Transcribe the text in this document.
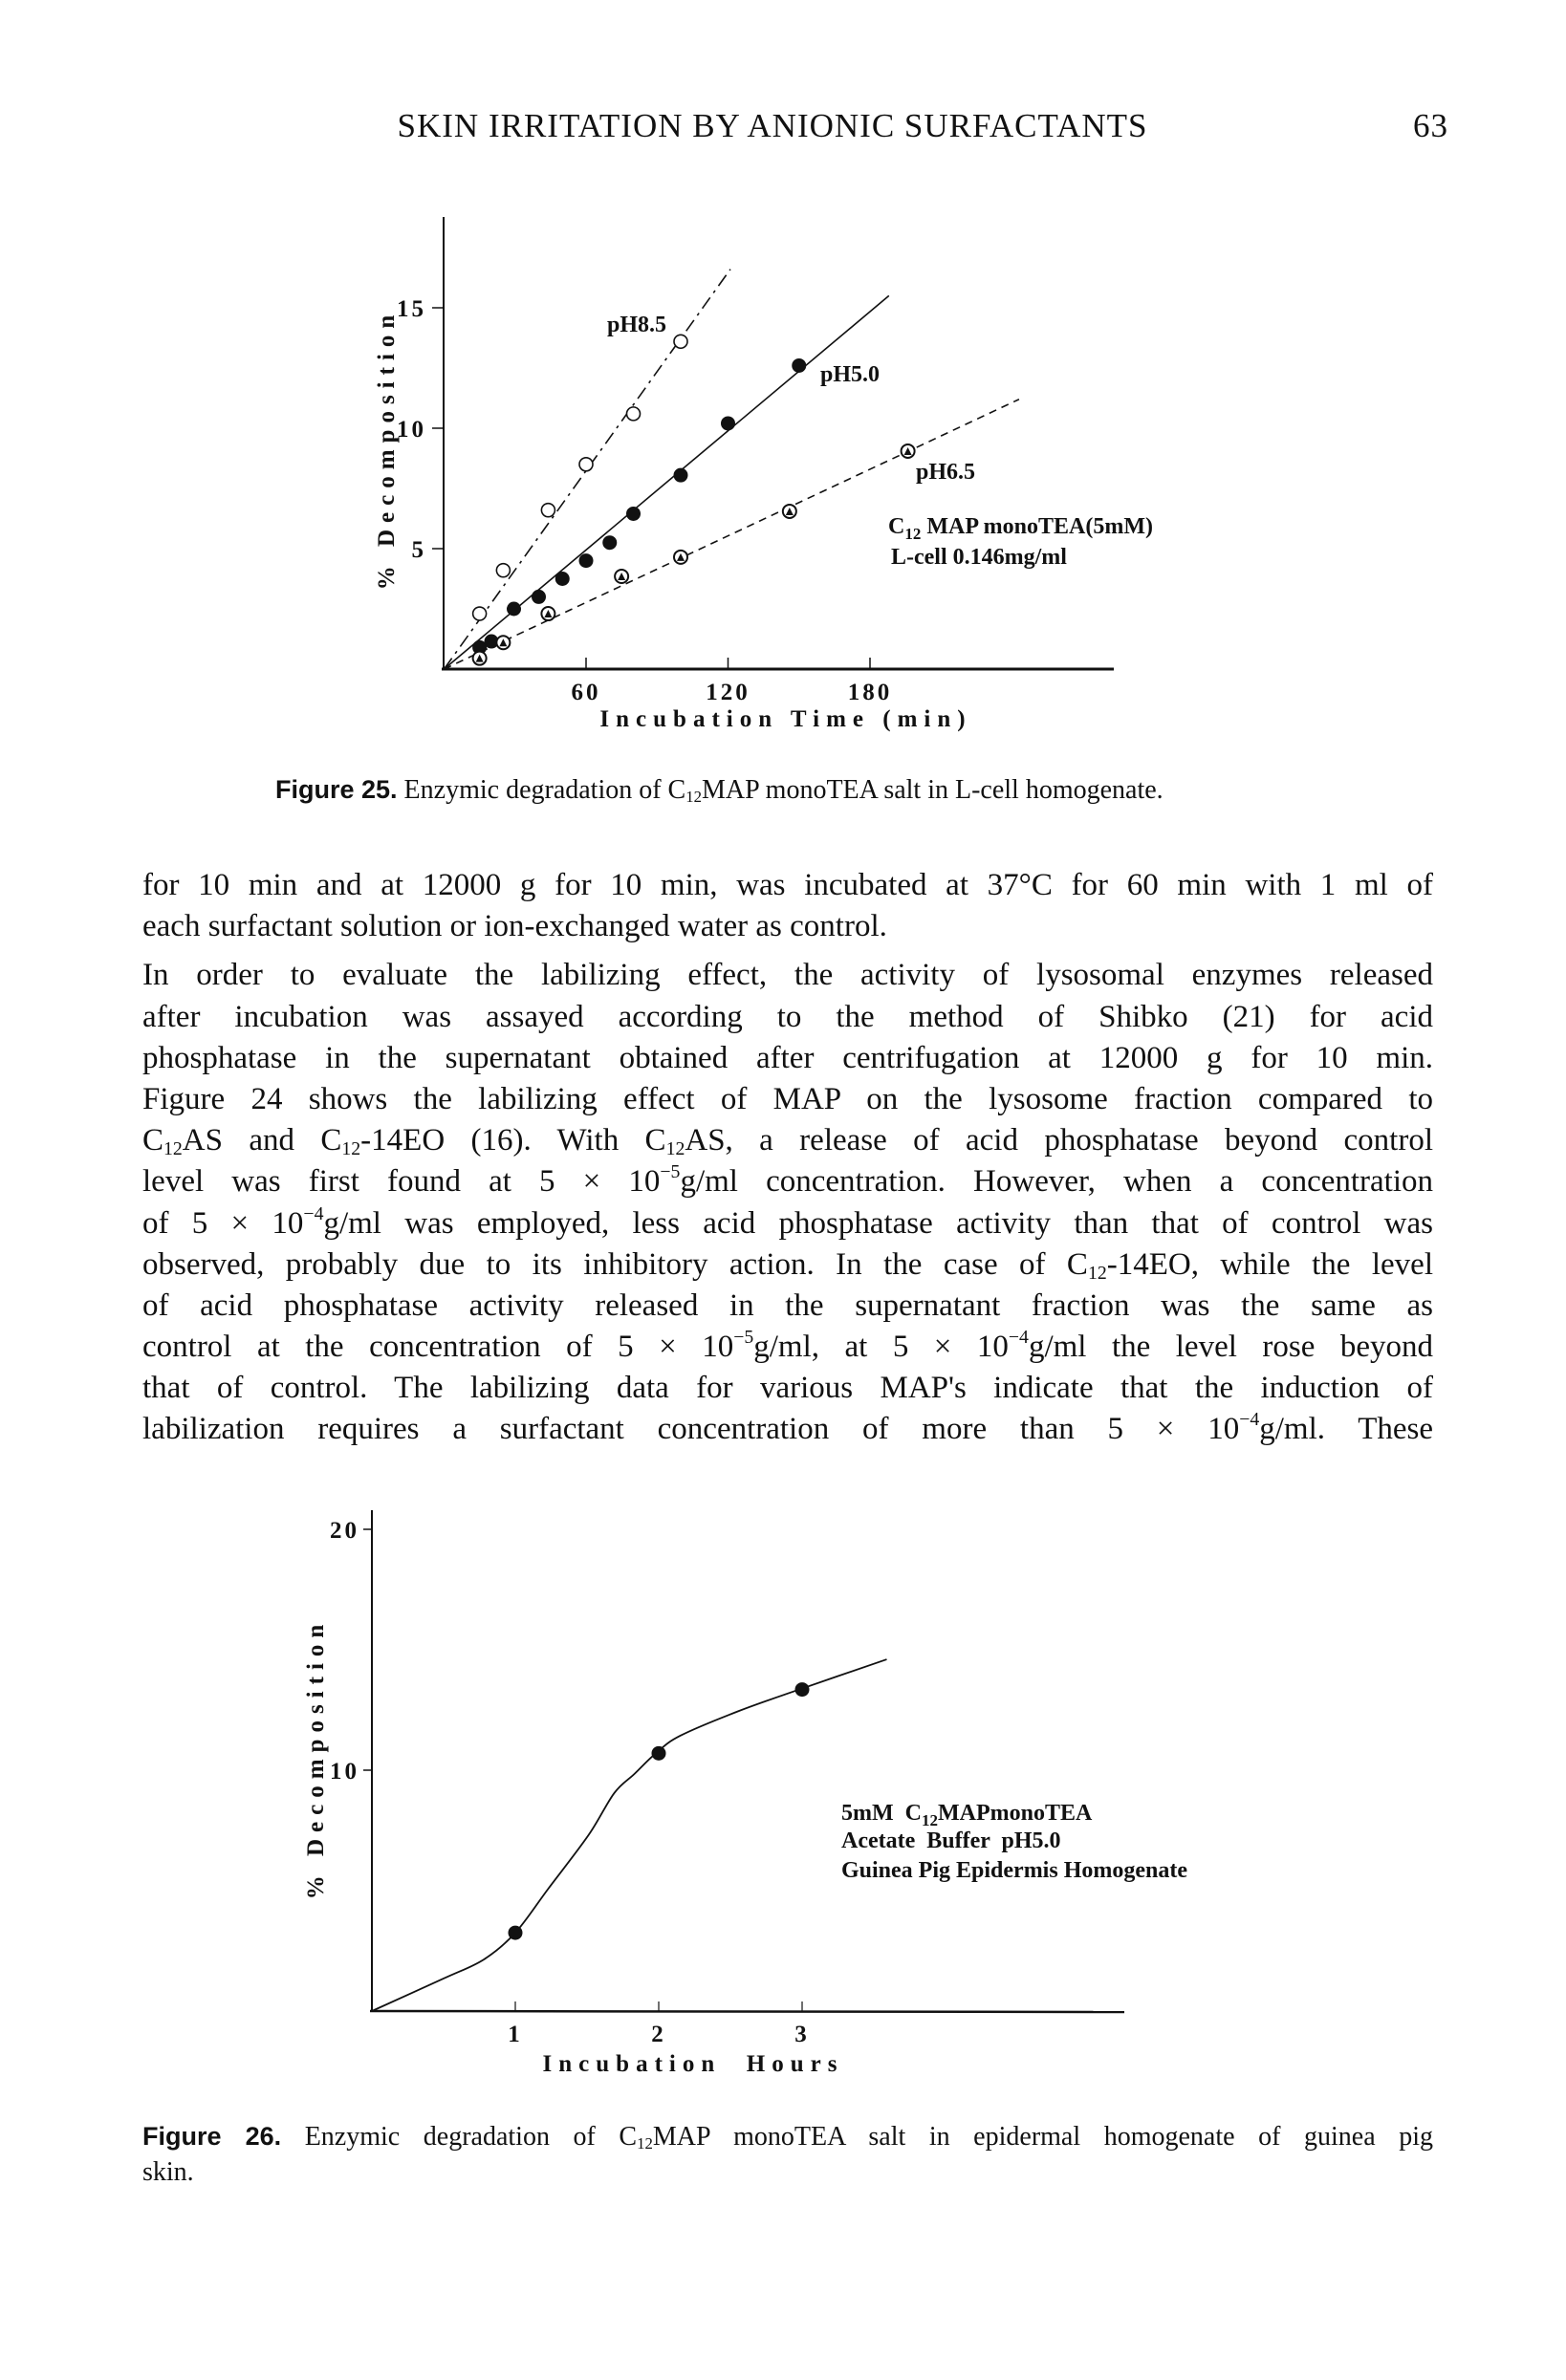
SKIN IRRITATION BY ANIONIC SURFACTANTS	63
60	120	180
5
10
15
% Decomposition
Incubation Time (min)
pH8.5
pH5.0
pH6.5
$C_{12}$ MAP monoTEA(5mM)
L-cell 0.146mg/ml
1	2	3
10
20
% Decomposition
Incubation  Hours
5mM  $C_{12}MAPmonoTEA$
Acetate  Buffer  pH5.0
Guinea Pig Epidermis Homogenate
Figure 25. Enzymic degradation of $C_{12}MAP$ monoTEA salt in L-cell homogenate.
for 10 min and at 12000 g for 10 min, was incubated at 37°C for 60 min with 1 ml of
each surfactant solution or ion-exchanged water as control.
In order to evaluate the labilizing effect, the activity of lysosomal enzymes released
after incubation was assayed according to the method of Shibko (21) for acid
phosphatase in the supernatant obtained after centrifugation at 12000 g for 10 min.
Figure 24 shows the labilizing effect of MAP on the lysosome fraction compared to
$C_{12}AS$ and $C_{12}-14EO$ (16). With $C_{12}AS$, a release of acid phosphatase beyond control
level was first found at $5 \times 10^{-5}g/ml$ concentration. However, when a concentration
of $5 \times 10^{-4}g/ml$ was employed, less acid phosphatase activity than that of control was
observed, probably due to its inhibitory action. In the case of $C_{12}-14EO$, while the level
of acid phosphatase activity released in the supernatant fraction was the same as
control at the concentration of $5 \times 10^{-5}g/ml$, at $5 \times 10^{-4}g/ml$ the level rose beyond
that of control. The labilizing data for various MAP's indicate that the induction of
labilization requires a surfactant concentration of more than $5 \times 10^{-4}g/ml$. These
Figure 26. Enzymic degradation of $C_{12}MAP$ monoTEA salt in epidermal homogenate of guinea pig
skin.
